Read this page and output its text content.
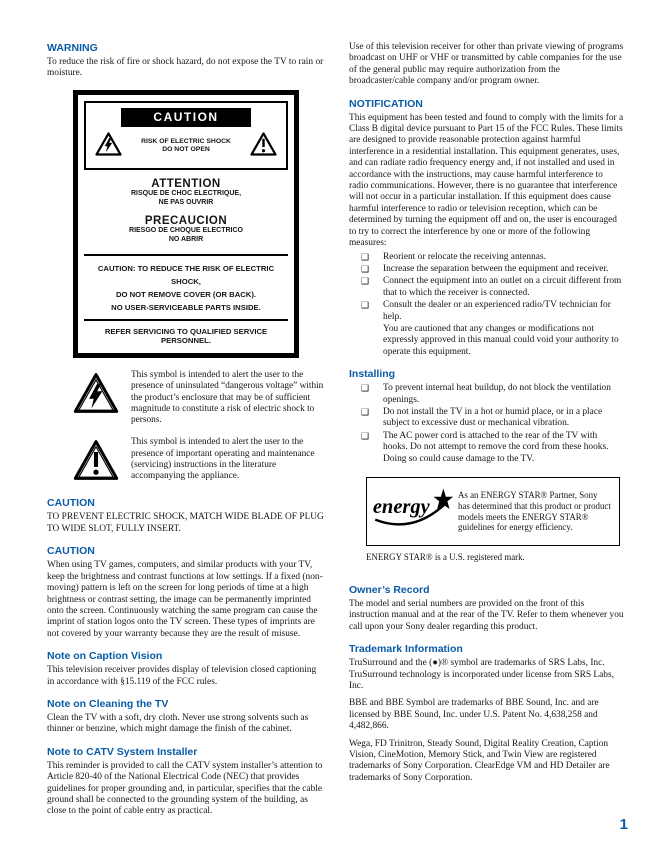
WARNING

To reduce the risk of fire or shock hazard, do not expose the TV to rain or moisture.

CAUTION
RISK OF ELECTRIC SHOCK
DO NOT OPEN
ATTENTION
RISQUE DE CHOC ELECTRIQUE,
NE PAS OUVRIR
PRECAUCION
RIESGO DE CHOQUE ELECTRICO
NO ABRIR
CAUTION: TO REDUCE THE RISK OF ELECTRIC SHOCK,
DO NOT REMOVE COVER (OR BACK).
NO USER-SERVICEABLE PARTS INSIDE.
REFER SERVICING TO QUALIFIED SERVICE PERSONNEL.
This symbol is intended to alert the user to the presence of uninsulated “dangerous voltage” within the product’s enclosure that may be of sufficient magnitude to constitute a risk of electric shock to persons.
This symbol is intended to alert the user to the presence of important operating and maintenance (servicing) instructions in the literature accompanying the appliance.
CAUTION

TO PREVENT ELECTRIC SHOCK, MATCH WIDE BLADE OF PLUG TO WIDE SLOT, FULLY INSERT.

CAUTION

When using TV games, computers, and similar products with your TV, keep the brightness and contrast functions at low settings. If a fixed (non-moving) pattern is left on the screen for long periods of time at a high brightness or contrast setting, the image can be permanently imprinted onto the screen. Continuously watching the same program can cause the imprint of station logos onto the TV screen. These types of imprints are not covered by your warranty because they are the result of misuse.

Note on Caption Vision

This television receiver provides display of television closed captioning in accordance with §15.119 of the FCC rules.

Note on Cleaning the TV

Clean the TV with a soft, dry cloth. Never use strong solvents such as thinner or benzine, which might damage the finish of the cabinet.

Note to CATV System Installer

This reminder is provided to call the CATV system installer’s attention to Article 820-40 of the National Electrical Code (NEC) that provides guidelines for proper grounding and, in particular, specifies that the cable ground shall be connected to the grounding system of the building, as close to the point of cable entry as practical.

Use of this television receiver for other than private viewing of programs broadcast on UHF or VHF or transmitted by cable companies for the use of the general public may require authorization from the broadcaster/cable company and/or program owner.

NOTIFICATION

This equipment has been tested and found to comply with the limits for a Class B digital device pursuant to Part 15 of the FCC Rules. These limits are designed to provide reasonable protection against harmful interference in a residential installation. This equipment generates, uses, and can radiate radio frequency energy and, if not installed and used in accordance with the instructions, may cause harmful interference to radio communications. However, there is no guarantee that interference will not occur in a particular installation. If this equipment does cause harmful interference to radio or television reception, which can be determined by turning the equipment off and on, the user is encouraged to try to correct the interference by one or more of the following measures:

❑	Reorient or relocate the receiving antennas.
❑	Increase the separation between the equipment and receiver.
❑	Connect the equipment into an outlet on a circuit different from that to which the receiver is connected.
❑	Consult the dealer or an experienced radio/TV technician for help.

You are cautioned that any changes or modifications not expressly approved in this manual could void your authority to operate this equipment.

Installing
❑	To prevent internal heat buildup, do not block the ventilation openings.
❑	Do not install the TV in a hot or humid place, or in a place subject to excessive dust or mechanical vibration.
❑	The AC power cord is attached to the rear of the TV with hooks. Do not attempt to remove the cord from these hooks. Doing so could cause damage to the TV.
energy
As an ENERGY STAR® Partner, Sony has determined that this product or product models meets the ENERGY STAR® guidelines for energy efficiency.

ENERGY STAR® is a U.S. registered mark.

Owner’s Record

The model and serial numbers are provided on the front of this instruction manual and at the rear of the TV. Refer to them whenever you call upon your Sony dealer regarding this product.

Trademark Information

TruSurround and the (●)® symbol are trademarks of SRS Labs, Inc. TruSurround technology is incorporated under license from SRS Labs, Inc.

BBE and BBE Symbol are trademarks of BBE Sound, Inc. and are licensed by BBE Sound, Inc. under U.S. Patent No. 4,638,258 and 4,482,866.

Wega, FD Trinitron, Steady Sound, Digital Reality Creation, Caption Vision, CineMotion, Memory Stick, and Twin View are registered trademarks of Sony Corporation. ClearEdge VM and HD Detailer are trademarks of Sony Corporation.

1
